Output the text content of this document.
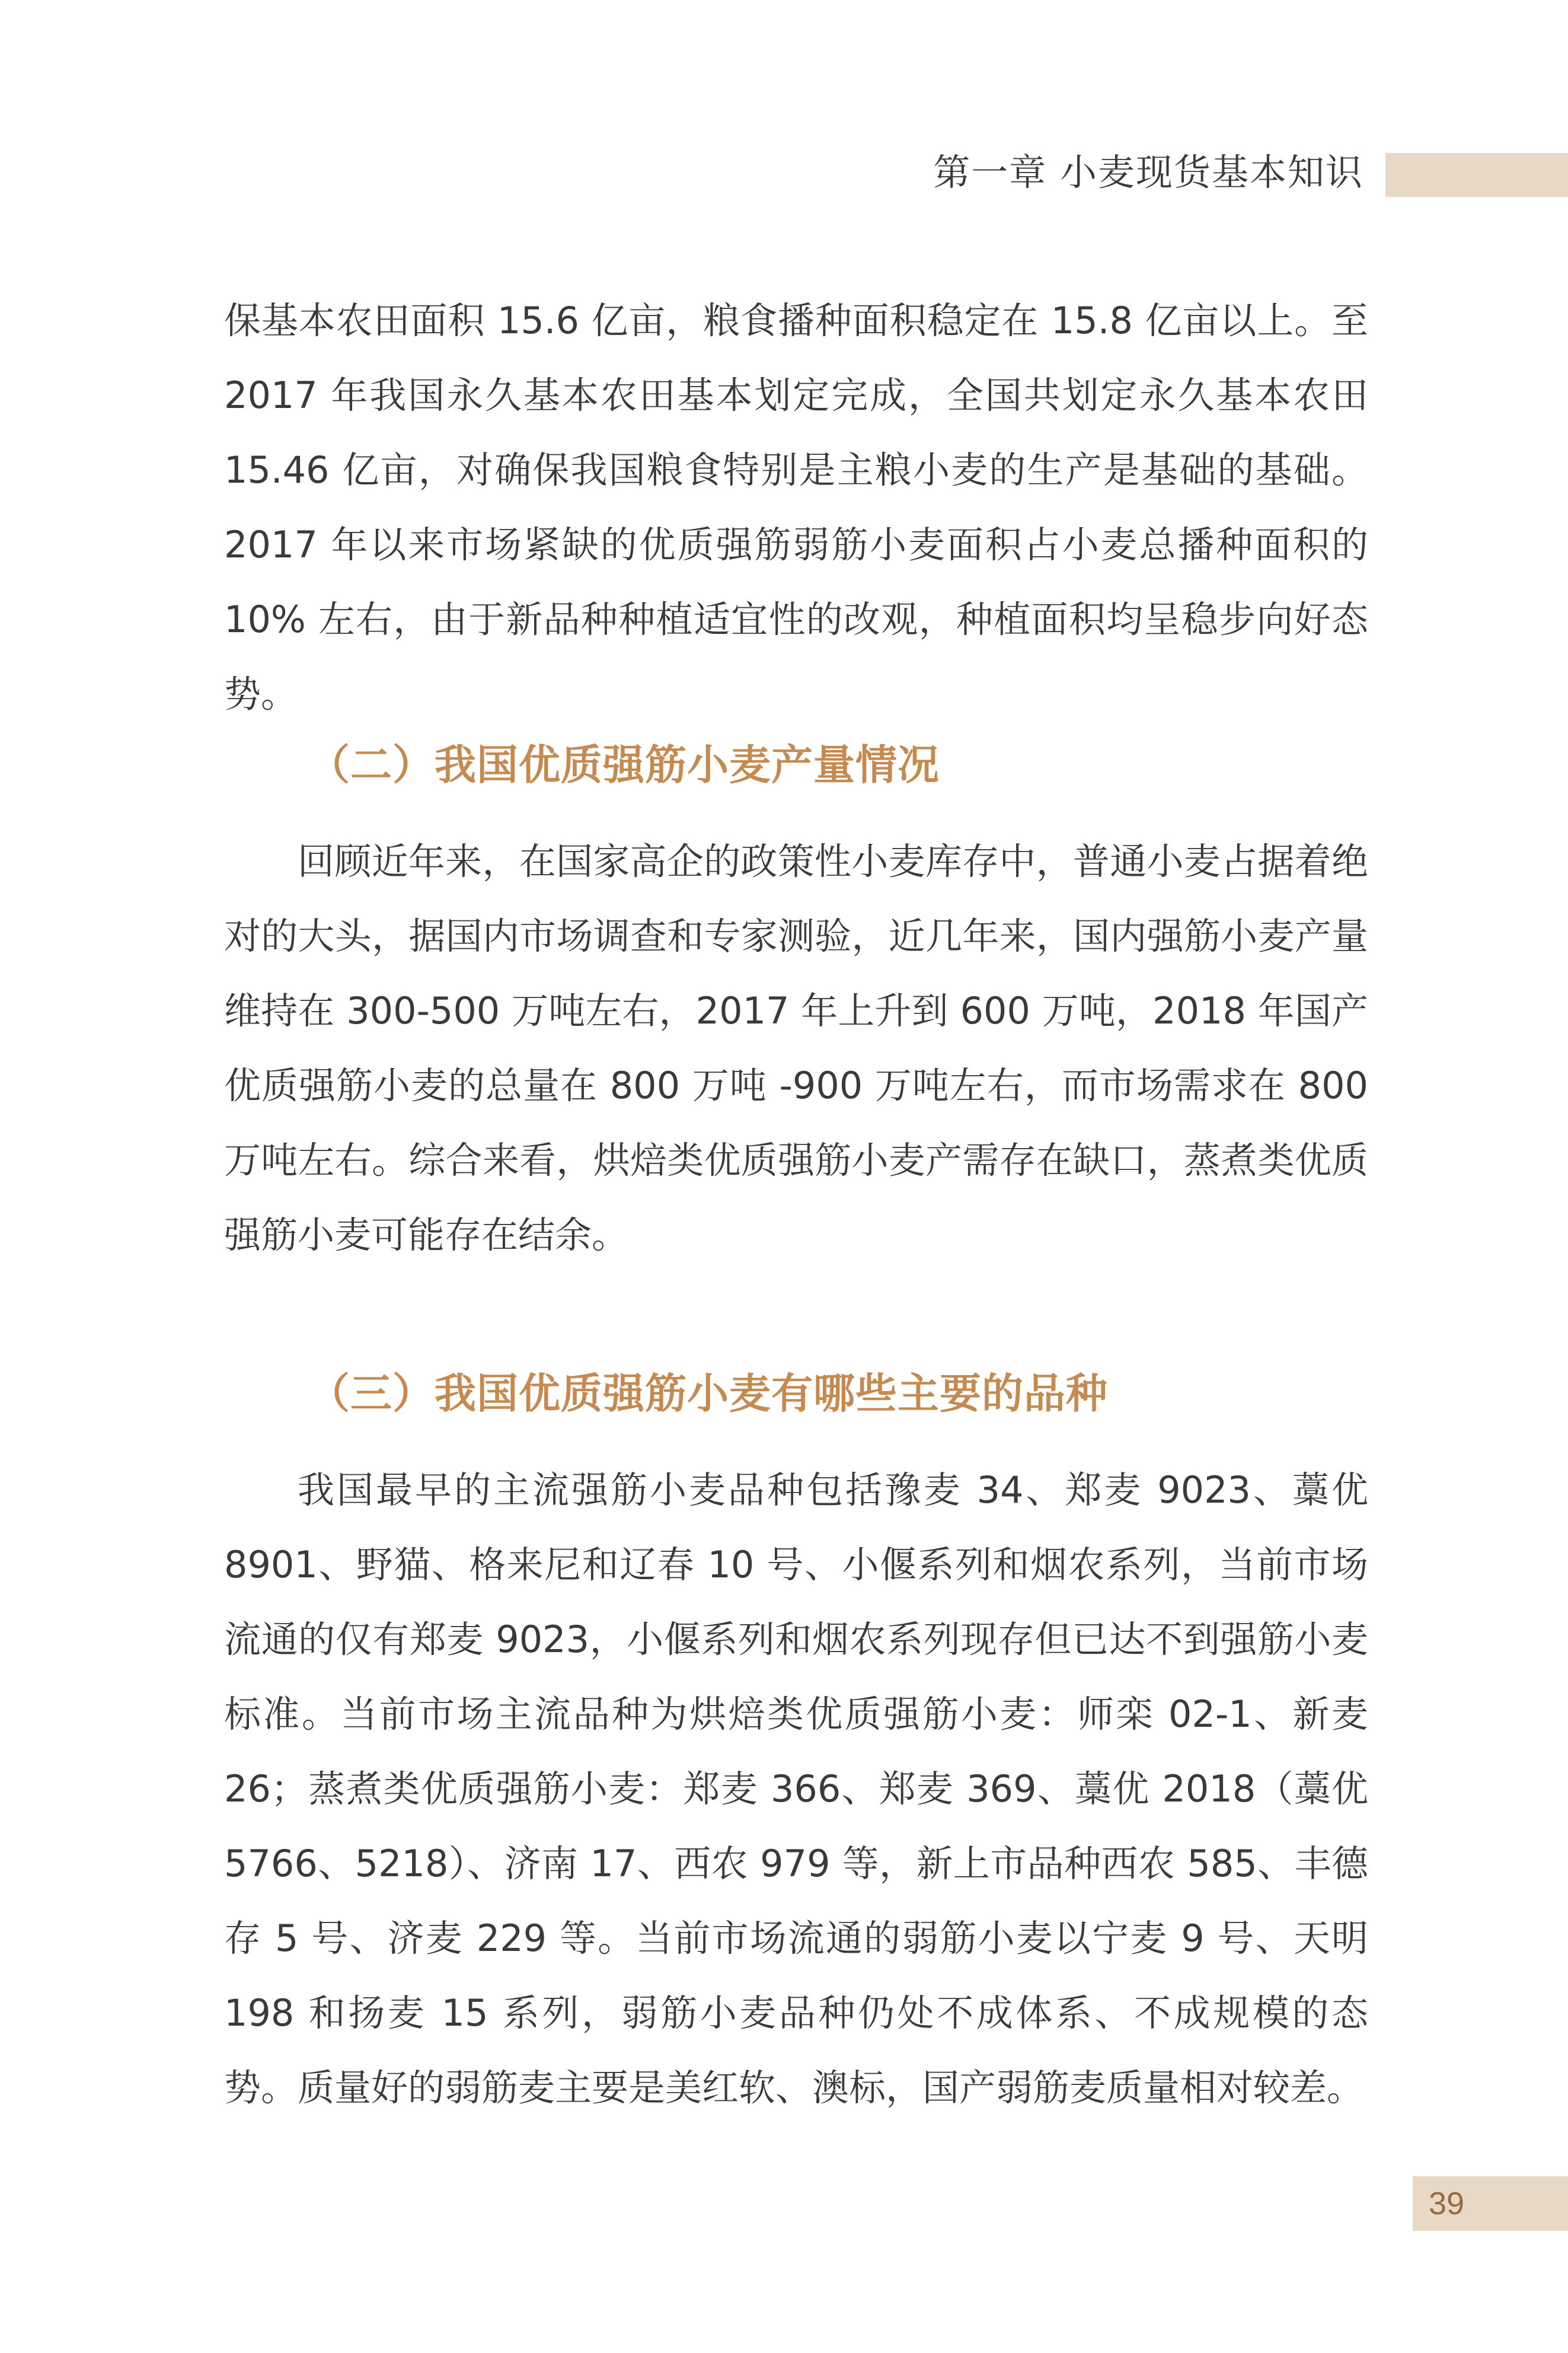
第一章 小麦现货基本知识

保基本农田面积 15.6 亿亩，粮食播种面积稳定在 15.8 亿亩以上。至 2017 年我国永久基本农田基本划定完成，全国共划定永久基本农田 15.46 亿亩，对确保我国粮食特别是主粮小麦的生产是基础的基础。2017 年以来市场紧缺的优质强筋弱筋小麦面积占小麦总播种面积的 10% 左右，由于新品种种植适宜性的改观，种植面积均呈稳步向好态势。

（二）我国优质强筋小麦产量情况

回顾近年来，在国家高企的政策性小麦库存中，普通小麦占据着绝对的大头，据国内市场调查和专家测验，近几年来，国内强筋小麦产量维持在 300-500 万吨左右，2017 年上升到 600 万吨，2018 年国产优质强筋小麦的总量在 800 万吨 -900 万吨左右，而市场需求在 800 万吨左右。综合来看，烘焙类优质强筋小麦产需存在缺口，蒸煮类优质强筋小麦可能存在结余。

（三）我国优质强筋小麦有哪些主要的品种

我国最早的主流强筋小麦品种包括豫麦 34、郑麦 9023、藁优 8901、野猫、格来尼和辽春 10 号、小偃系列和烟农系列，当前市场流通的仅有郑麦 9023，小偃系列和烟农系列现存但已达不到强筋小麦标准。当前市场主流品种为烘焙类优质强筋小麦：师栾 02-1、新麦 26；蒸煮类优质强筋小麦：郑麦 366、郑麦 369、藁优 2018（藁优 5766、5218）、济南 17、西农 979 等，新上市品种西农 585、丰德存 5 号、济麦 229 等。当前市场流通的弱筋小麦以宁麦 9 号、天明 198 和扬麦 15 系列，弱筋小麦品种仍处不成体系、不成规模的态势。质量好的弱筋麦主要是美红软、澳标，国产弱筋麦质量相对较差。

39
